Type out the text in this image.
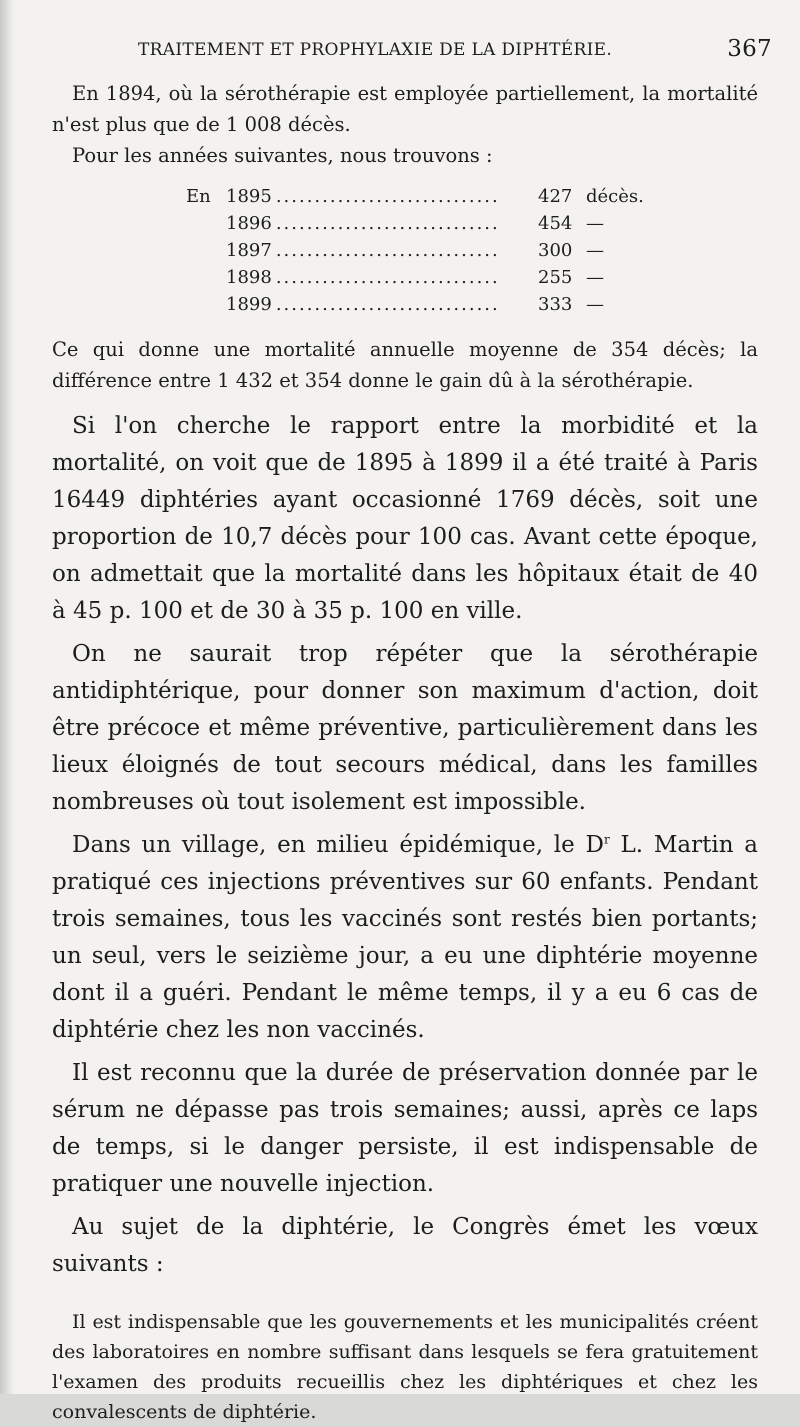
TRAITEMENT ET PROPHYLAXIE DE LA DIPHTÉRIE.	367

En 1894, où la sérothérapie est employée partiellement, la mortalité n'est plus que de 1 008 décès.

Pour les années suivantes, nous trouvons :

En 1895 .............................	427 décès.
1896 .............................	454 —
1897 .............................	300 —
1898 .............................	255 —
1899 .............................	333 —

Ce qui donne une mortalité annuelle moyenne de 354 décès; la différence entre 1 432 et 354 donne le gain dû à la sérothérapie.

Si l'on cherche le rapport entre la morbidité et la mortalité, on voit que de 1895 à 1899 il a été traité à Paris 16449 diphtéries ayant occasionné 1769 décès, soit une proportion de 10,7 décès pour 100 cas. Avant cette époque, on admettait que la mortalité dans les hôpitaux était de 40 à 45 p. 100 et de 30 à 35 p. 100 en ville.

On ne saurait trop répéter que la sérothérapie antidiphtérique, pour donner son maximum d'action, doit être précoce et même préventive, particulièrement dans les lieux éloignés de tout secours médical, dans les familles nombreuses où tout isolement est impossible.

Dans un village, en milieu épidémique, le $D^r$ L. Martin a pratiqué ces injections préventives sur 60 enfants. Pendant trois semaines, tous les vaccinés sont restés bien portants; un seul, vers le seizième jour, a eu une diphtérie moyenne dont il a guéri. Pendant le même temps, il y a eu 6 cas de diphtérie chez les non vaccinés.

Il est reconnu que la durée de préservation donnée par le sérum ne dépasse pas trois semaines; aussi, après ce laps de temps, si le danger persiste, il est indispensable de pratiquer une nouvelle injection.

Au sujet de la diphtérie, le Congrès émet les vœux suivants :

Il est indispensable que les gouvernements et les municipalités créent des laboratoires en nombre suffisant dans lesquels se fera gratuitement l'examen des produits recueillis chez les diphtériques et chez les convalescents de diphtérie.
